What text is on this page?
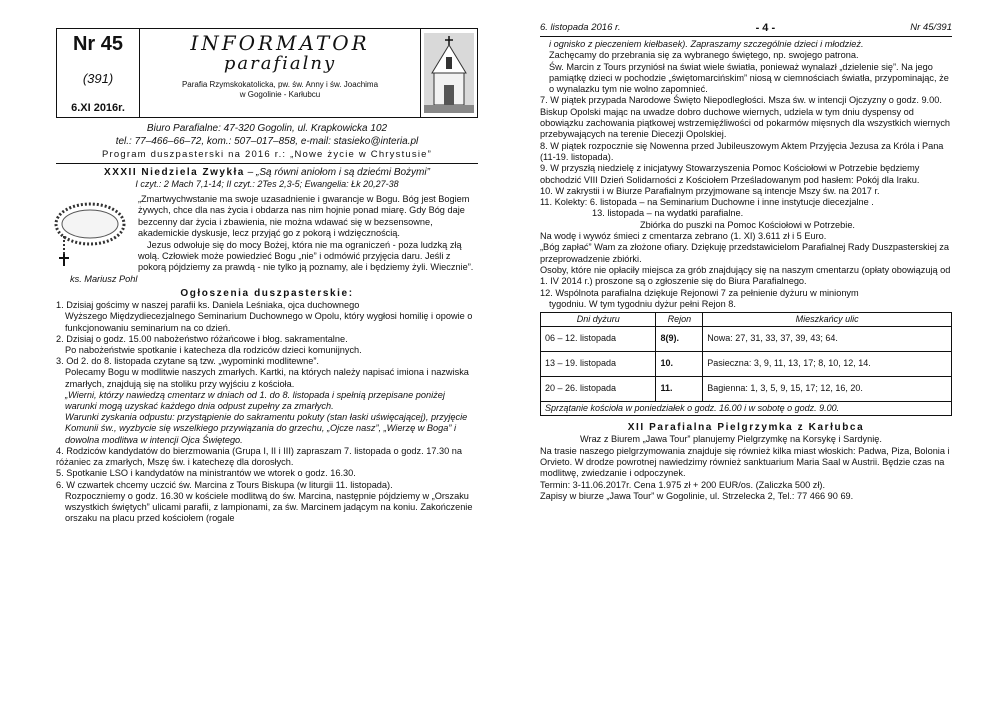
Nr 45
(391)
6.XI 2016r.
INFORMATOR
parafialny
Parafia Rzymskokatolicka, pw. św. Anny i św. Joachima
w Gogolinie - Karłubcu
Biuro Parafialne: 47-320 Gogolin, ul. Krapkowicka 102
tel.: 77–466–66–72, kom.: 507–017–858, e-mail: stasieko@interia.pl
Program duszpasterski na 2016 r.: „Nowe życie w Chrystusie”
XXXII Niedziela Zwykła – „Są równi aniołom i są dziećmi Bożymi”
I czyt.: 2 Mach 7,1-14; II czyt.: 2Tes 2,3-5; Ewangelia: Łk 20,27-38
„Zmartwychwstanie ma swoje uzasadnienie i gwarancje w Bogu. Bóg jest Bogiem żywych, chce dla nas życia i obdarza nas nim hojnie ponad miarę. Gdy Bóg daje bezcenny dar życia i zbawienia, nie można wdawać się w bezsensowne, akademickie dyskusje, lecz przyjąć go z pokorą i wdzięcznością.
Jezus odwołuje się do mocy Bożej, która nie ma ograniczeń - poza ludzką złą wolą. Człowiek może powiedzieć Bogu „nie” i odmówić przyjęcia daru. Jeśli z pokorą pójdziemy za prawdą - nie tylko ją poznamy, ale i będziemy żyli. Wiecznie”. ks. Mariusz Pohl
Ogłoszenia duszpasterskie:

1. Dzisiaj gościmy w naszej parafii ks. Daniela Leśniaka, ojca duchownego

Wyższego Międzydiecezjalnego Seminarium Duchownego w Opolu, który wygłosi homilię i opowie o funkcjonowaniu seminarium na co dzień.

2. Dzisiaj o godz. 15.00 nabożeństwo różańcowe i błog. sakramentalne.

Po nabożeństwie spotkanie i katecheza dla rodziców dzieci komunijnych.

3. Od 2. do 8. listopada czytane są tzw. „wypominki modlitewne”.

Polecamy Bogu w modlitwie naszych zmarłych. Kartki, na których należy napisać imiona i nazwiska zmarłych, znajdują się na stoliku przy wyjściu z kościoła.

„Wierni, którzy nawiedzą cmentarz w dniach od 1. do 8. listopada i spełnią przepisane poniżej warunki mogą uzyskać każdego dnia odpust zupełny za zmarłych.

Warunki zyskania odpustu: przystąpienie do sakramentu pokuty (stan łaski uświęcającej), przyjęcie Komunii św., wyzbycie się wszelkiego przywiązania do grzechu, „Ojcze nasz”, „Wierzę w Boga” i dowolna modlitwa w intencji Ojca Świętego.

4. Rodziców kandydatów do bierzmowania (Grupa I, II i III) zapraszam 7. listopada o godz. 17.30 na różaniec za zmarłych, Mszę św. i katechezę dla dorosłych.

5. Spotkanie LSO i kandydatów na ministrantów we wtorek o godz. 16.30.

6. W czwartek chcemy uczcić św. Marcina z Tours Biskupa (w liturgii 11. listopada).

Rozpoczniemy o godz. 16.30 w kościele modlitwą do św. Marcina, następnie pójdziemy w „Orszaku wszystkich świętych” ulicami parafii, z lampionami, za św. Marcinem jadącym na koniu. Zakończenie orszaku na placu przed kościołem (rogale

6. listopada 2016 r.	- 4 -	Nr 45/391

i ognisko z pieczeniem kiełbasek). Zapraszamy szczególnie dzieci i młodzież.

Zachęcamy do przebrania się za wybranego świętego, np. swojego patrona.

Św. Marcin z Tours przyniósł na świat wiele światła, ponieważ wynalazł „dzielenie się”. Na jego pamiątkę dzieci w pochodzie „świętomarcińskim” niosą w ciemnościach światła, przypominając, że o wynalazku tym nie wolno zapomnieć.

7. W piątek przypada Narodowe Święto Niepodległości. Msza św. w intencji Ojczyzny o godz. 9.00. Biskup Opolski mając na uwadze dobro duchowe wiernych, udziela w tym dniu dyspensy od obowiązku zachowania piątkowej wstrzemięźliwości od pokarmów mięsnych dla wszystkich wiernych przebywających na terenie Diecezji Opolskiej.

8. W piątek rozpocznie się Nowenna przed Jubileuszowym Aktem Przyjęcia Jezusa za Króla i Pana (11-19. listopada).

9. W przyszłą niedzielę z inicjatywy Stowarzyszenia Pomoc Kościołowi w Potrzebie będziemy obchodzić VIII Dzień Solidarności z Kościołem Prześladowanym pod hasłem: Pokój dla Iraku.

10. W zakrystii i w Biurze Parafialnym przyjmowane są intencje Mszy św. na 2017 r.

11. Kolekty: 6. listopada – na Seminarium Duchowne i inne instytucje diecezjalne .

13. listopada – na wydatki parafialne.

Zbiórka do puszki na Pomoc Kościołowi w Potrzebie.

Na wodę i wywóz śmieci z cmentarza zebrano (1. XI) 3.611 zł i 5 Euro.

„Bóg zapłać” Wam za złożone ofiary. Dziękuję przedstawicielom Parafialnej Rady Duszpasterskiej za przeprowadzenie zbiórki.

Osoby, które nie opłaciły miejsca za grób znajdujący się na naszym cmentarzu (opłaty obowiązują od 1. IV 2014 r.) proszone są o zgłoszenie się do Biura Parafialnego.

12. Wspólnota parafialna dziękuje Rejonowi 7 za pełnienie dyżuru w minionym

tygodniu. W tym tygodniu dyżur pełni Rejon 8.

Dni dyżuru	Rejon	Mieszkańcy ulic
06 – 12. listopada	8(9).	Nowa: 27, 31, 33, 37, 39, 43; 64.
13 – 19. listopada	10.	Pasieczna: 3, 9, 11, 13, 17; 8, 10, 12, 14.
20 – 26. listopada	11.	Bagienna: 1, 3, 5, 9, 15, 17; 12, 16, 20.
Sprzątanie kościoła w poniedziałek o godz. 16.00 i w sobotę o godz. 9.00.		
XII Parafialna Pielgrzymka z Karłubca

Wraz z Biurem „Jawa Tour” planujemy Pielgrzymkę na Korsykę i Sardynię.

Na trasie naszego pielgrzymowania znajduje się również kilka miast włoskich: Padwa, Piza, Bolonia i Orvieto. W drodze powrotnej nawiedzimy również sanktuarium Maria Saal w Austrii. Będzie czas na modlitwę, zwiedzanie i odpoczynek.

Termin: 3-11.06.2017r. Cena 1.975 zł + 200 EUR/os. (Zaliczka 500 zł).

Zapisy w biurze „Jawa Tour” w Gogolinie, ul. Strzelecka 2, Tel.: 77 466 90 69.
